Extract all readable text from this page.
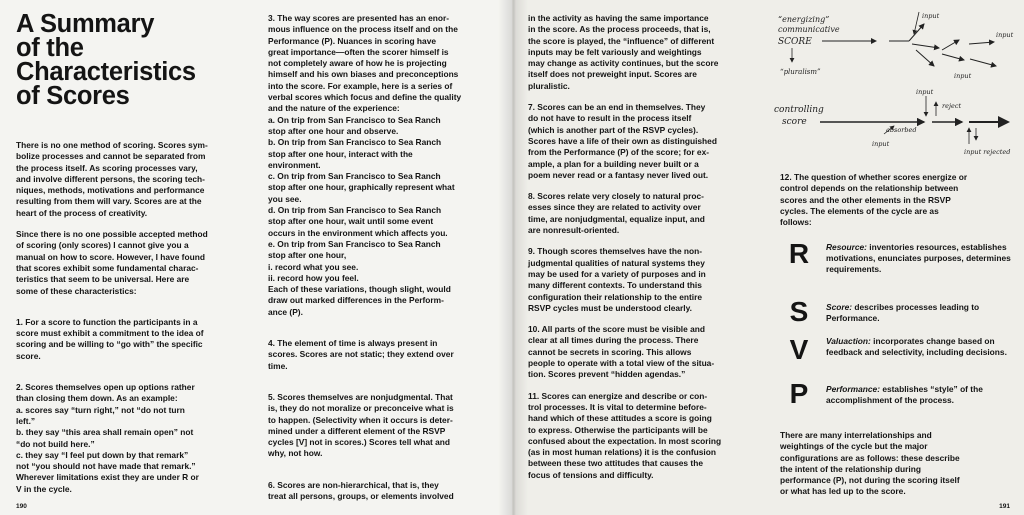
A Summary
of the
Characteristics
of Scores

There is no one method of scoring. Scores sym-

bolize processes and cannot be separated from

the process itself. As scoring processes vary,

and involve different persons, the scoring tech-

niques, methods, motivations and performance

resulting from them will vary. Scores are at the

heart of the process of creativity.

Since there is no one possible accepted method

of scoring (only scores) I cannot give you a

manual on how to score. However, I have found

that scores exhibit some fundamental charac-

teristics that seem to be universal. Here are

some of these characteristics:

1. For a score to function the participants in a

score must exhibit a commitment to the idea of

scoring and be willing to “go with” the specific

score.

2. Scores themselves open up options rather

than closing them down. As an example:

a. scores say “turn right,” not “do not turn

left.”

b. they say “this area shall remain open” not

“do not build here.”

c. they say “I feel put down by that remark”

not “you should not have made that remark.”

Wherever limitations exist they are under R or

V in the cycle.

3. The way scores are presented has an enor-

mous influence on the process itself and on the

Performance (P). Nuances in scoring have

great importance—often the scorer himself is

not completely aware of how he is projecting

himself and his own biases and preconceptions

into the score. For example, here is a series of

verbal scores which focus and define the quality

and the nature of the experience:

a. On trip from San Francisco to Sea Ranch

stop after one hour and observe.

b. On trip from San Francisco to Sea Ranch

stop after one hour, interact with the

environment.

c. On trip from San Francisco to Sea Ranch

stop after one hour, graphically represent what

you see.

d. On trip from San Francisco to Sea Ranch

stop after one hour, wait until some event

occurs in the environment which affects you.

e. On trip from San Francisco to Sea Ranch

stop after one hour,

i. record what you see.

ii. record how you feel.

Each of these variations, though slight, would

draw out marked differences in the Perform-

ance (P).

4. The element of time is always present in

scores. Scores are not static; they extend over

time.

5. Scores themselves are nonjudgmental. That

is, they do not moralize or preconceive what is

to happen. (Selectivity when it occurs is deter-

mined under a different element of the RSVP

cycles [V] not in scores.) Scores tell what and

why, not how.

6. Scores are non-hierarchical, that is, they

treat all persons, groups, or elements involved

190

in the activity as having the same importance

in the score. As the process proceeds, that is,

the score is played, the “influence” of different

inputs may be felt variously and weightings

may change as activity continues, but the score

itself does not preweight input. Scores are

pluralistic.

7. Scores can be an end in themselves. They

do not have to result in the process itself

(which is another part of the RSVP cycles).

Scores have a life of their own as distinguished

from the Performance (P) of the score; for ex-

ample, a plan for a building never built or a

poem never read or a fantasy never lived out.

8. Scores relate very closely to natural proc-

esses since they are related to activity over

time, are nonjudgmental, equalize input, and

are nonresult-oriented.

9. Though scores themselves have the non-

judgmental qualities of natural systems they

may be used for a variety of purposes and in

many different contexts. To understand this

configuration their relationship to the entire

RSVP cycles must be understood clearly.

10. All parts of the score must be visible and

clear at all times during the process. There

cannot be secrets in scoring. This allows

people to operate with a total view of the situa-

tion. Scores prevent “hidden agendas.”

11. Scores can energize and describe or con-

trol processes. It is vital to determine before-

hand which of these attitudes a score is going

to express. Otherwise the participants will be

confused about the expectation. In most scoring

(as in most human relations) it is the confusion

between these two attitudes that causes the

focus of tensions and difficulty.

“energizing” communicative SCORE
“pluralism”
input
input
input
controlling score
input
reject
absorbed
input
input rejected

12. The question of whether scores energize or

control depends on the relationship between

scores and the other elements in the RSVP

cycles. The elements of the cycle are as

follows:

R	Resource: inventories resources, establishes motivations, enunciates purposes, determines requirements.
S	Score: describes processes leading to Performance.
V	Valuaction: incorporates change based on feedback and selectivity, including decisions.
P	Performance: establishes “style” of the accomplishment of the process.

There are many interrelationships and

weightings of the cycle but the major

configurations are as follows: these describe

the intent of the relationship during

performance (P), not during the scoring itself

or what has led up to the score.

191
